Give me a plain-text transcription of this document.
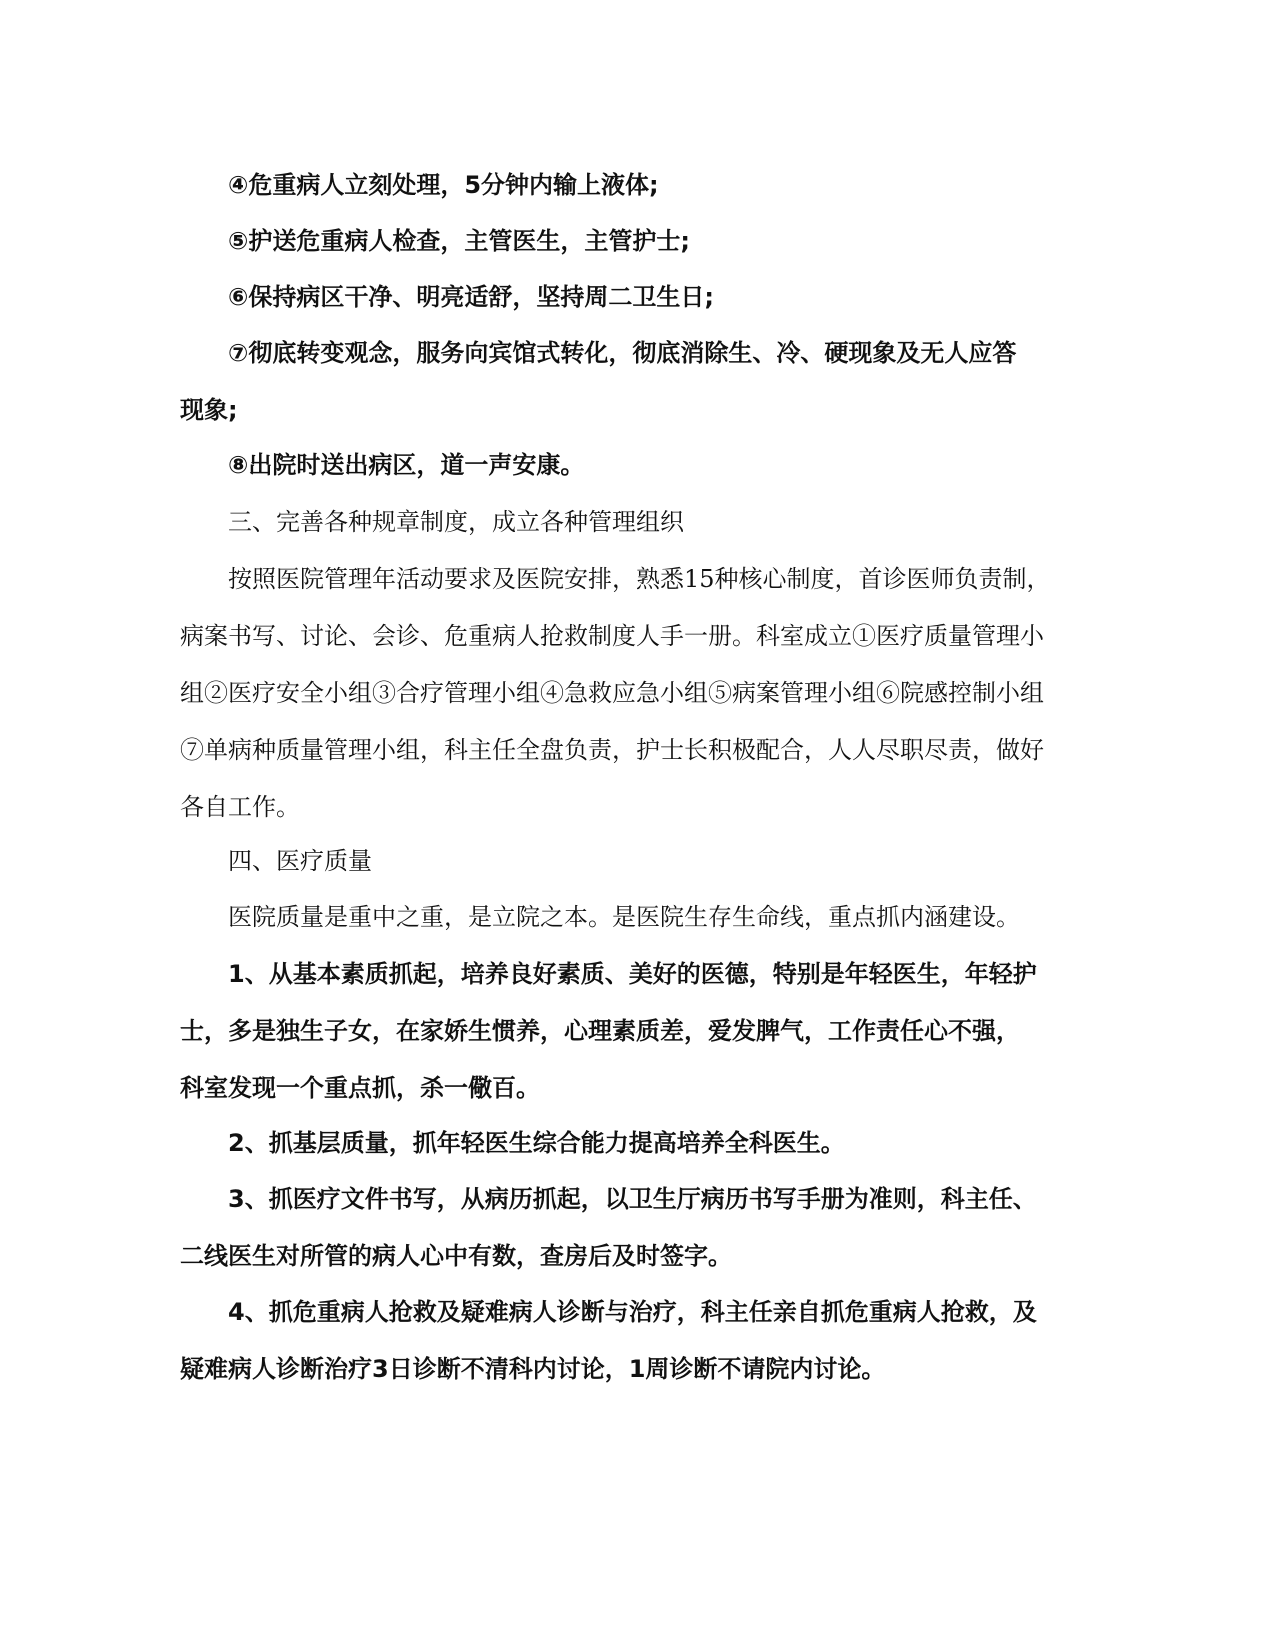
④危重病人立刻处理，5分钟内输上液体;

⑤护送危重病人检查，主管医生，主管护士;

⑥保持病区干净、明亮适舒，坚持周二卫生日;

⑦彻底转变观念，服务向宾馆式转化，彻底消除生、冷、硬现象及无人应答
现象;

⑧出院时送出病区，道一声安康。

三、完善各种规章制度，成立各种管理组织

按照医院管理年活动要求及医院安排，熟悉15种核心制度，首诊医师负责制，
病案书写、讨论、会诊、危重病人抢救制度人手一册。科室成立①医疗质量管理小
组②医疗安全小组③合疗管理小组④急救应急小组⑤病案管理小组⑥院感控制小组
⑦单病种质量管理小组，科主任全盘负责，护士长积极配合，人人尽职尽责，做好
各自工作。

四、医疗质量

医院质量是重中之重，是立院之本。是医院生存生命线，重点抓内涵建设。

1、从基本素质抓起，培养良好素质、美好的医德，特别是年轻医生，年轻护
士，多是独生子女，在家娇生惯养，心理素质差，爱发脾气，工作责任心不强，
科室发现一个重点抓，杀一儆百。

2、抓基层质量，抓年轻医生综合能力提高培养全科医生。

3、抓医疗文件书写，从病历抓起，以卫生厅病历书写手册为准则，科主任、
二线医生对所管的病人心中有数，查房后及时签字。

4、抓危重病人抢救及疑难病人诊断与治疗，科主任亲自抓危重病人抢救，及
疑难病人诊断治疗3日诊断不清科内讨论，1周诊断不请院内讨论。
